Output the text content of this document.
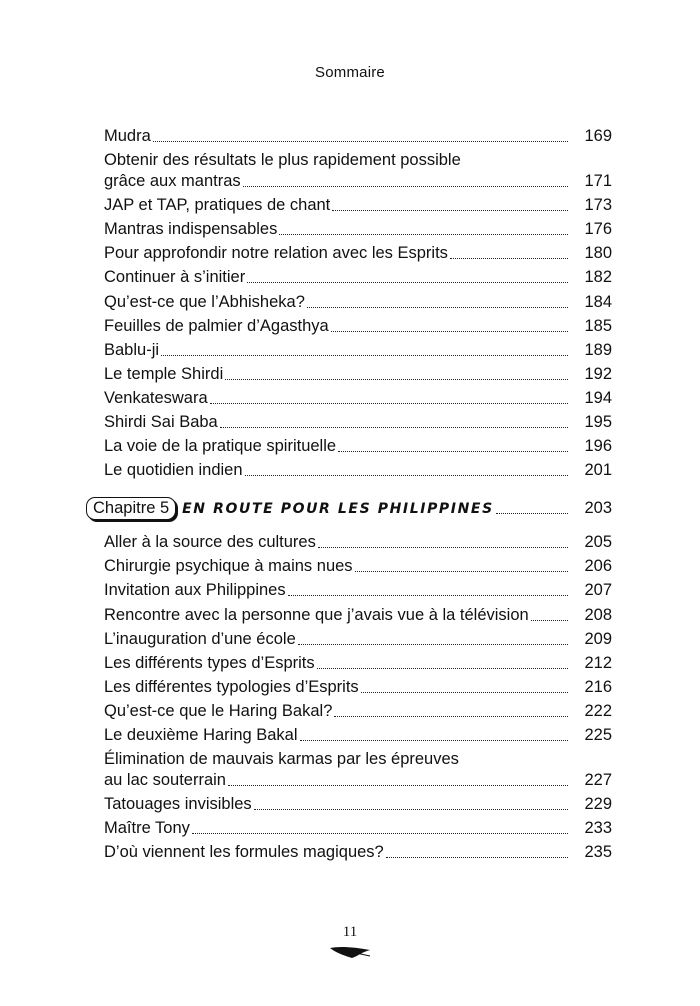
Sommaire
Mudra	169
Obtenir des résultats le plus rapidement possible
grâce aux mantras	171
JAP et TAP, pratiques de chant	173
Mantras indispensables	176
Pour approfondir notre relation avec les Esprits	180
Continuer à s’initier	182
Qu’est-ce que l’Abhisheka?	184
Feuilles de palmier d’Agasthya	185
Bablu-ji	189
Le temple Shirdi	192
Venkateswara	194
Shirdi Sai Baba	195
La voie de la pratique spirituelle	196
Le quotidien indien	201
Chapitre 5 EN ROUTE POUR LES PHILIPPINES	203
Aller à la source des cultures	205
Chirurgie psychique à mains nues	206
Invitation aux Philippines	207
Rencontre avec la personne que j’avais vue à la télévision	208
L’inauguration d’une école	209
Les différents types d’Esprits	212
Les différentes typologies d’Esprits	216
Qu’est-ce que le Haring Bakal?	222
Le deuxième Haring Bakal	225
Élimination de mauvais karmas par les épreuves
au lac souterrain	227
Tatouages invisibles	229
Maître Tony	233
D’où viennent les formules magiques?	235
11
